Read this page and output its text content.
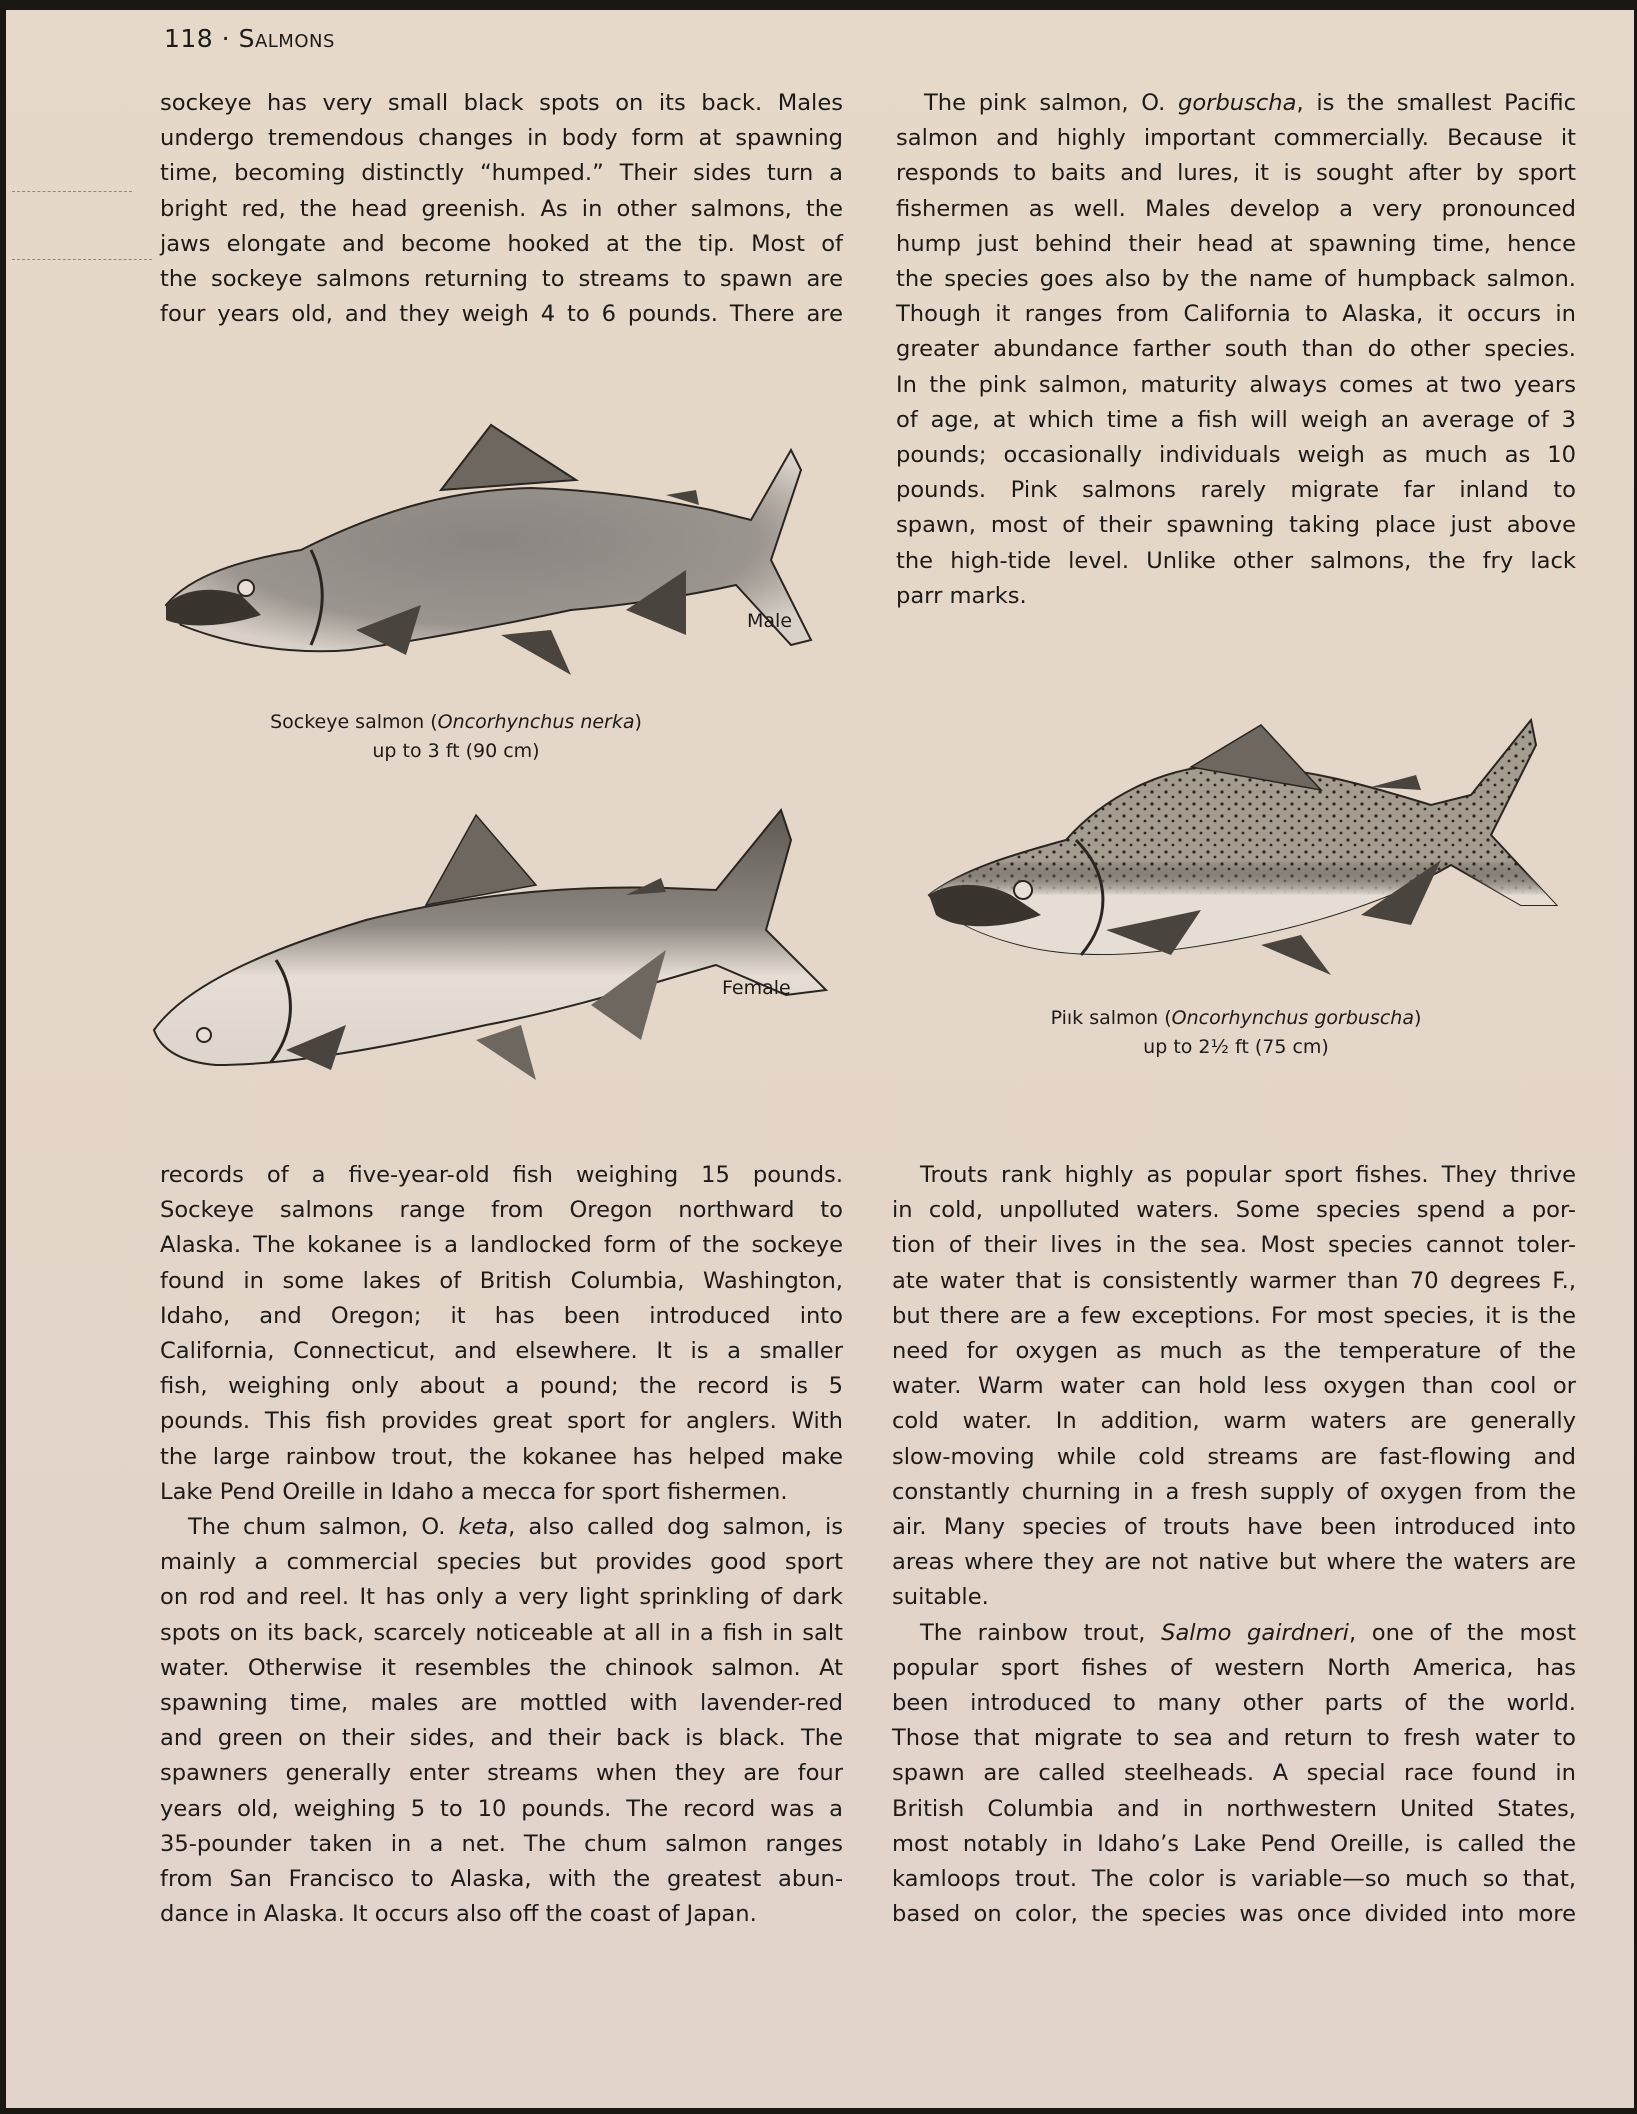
118 · Salmons
sockeye has very small black spots on its back. Males
undergo tremendous changes in body form at spawning
time, becoming distinctly “humped.” Their sides turn a
bright red, the head greenish. As in other salmons, the
jaws elongate and become hooked at the tip. Most of
the sockeye salmons returning to streams to spawn are
four years old, and they weigh 4 to 6 pounds. There are
The pink salmon, O. gorbuscha, is the smallest Pacific
salmon and highly important commercially. Because it
responds to baits and lures, it is sought after by sport
fishermen as well. Males develop a very pronounced
hump just behind their head at spawning time, hence
the species goes also by the name of humpback salmon.
Though it ranges from California to Alaska, it occurs in
greater abundance farther south than do other species.
In the pink salmon, maturity always comes at two years
of age, at which time a fish will weigh an average of 3
pounds; occasionally individuals weigh as much as 10
pounds. Pink salmons rarely migrate far inland to
spawn, most of their spawning taking place just above
the high-tide level. Unlike other salmons, the fry lack
parr marks.
Male
Sockeye salmon (Oncorhynchus nerka)
up to 3 ft (90 cm)
Female
Piık salmon (Oncorhynchus gorbuscha)
up to 2½ ft (75 cm)
records of a five-year-old fish weighing 15 pounds.
Sockeye salmons range from Oregon northward to
Alaska. The kokanee is a landlocked form of the sockeye
found in some lakes of British Columbia, Washington,
Idaho, and Oregon; it has been introduced into
California, Connecticut, and elsewhere. It is a smaller
fish, weighing only about a pound; the record is 5
pounds. This fish provides great sport for anglers. With
the large rainbow trout, the kokanee has helped make
Lake Pend Oreille in Idaho a mecca for sport fishermen.
The chum salmon, O. keta, also called dog salmon, is
mainly a commercial species but provides good sport
on rod and reel. It has only a very light sprinkling of dark
spots on its back, scarcely noticeable at all in a fish in salt
water. Otherwise it resembles the chinook salmon. At
spawning time, males are mottled with lavender-red
and green on their sides, and their back is black. The
spawners generally enter streams when they are four
years old, weighing 5 to 10 pounds. The record was a
35-pounder taken in a net. The chum salmon ranges
from San Francisco to Alaska, with the greatest abun-
dance in Alaska. It occurs also off the coast of Japan.
Trouts rank highly as popular sport fishes. They thrive
in cold, unpolluted waters. Some species spend a por-
tion of their lives in the sea. Most species cannot toler-
ate water that is consistently warmer than 70 degrees F.,
but there are a few exceptions. For most species, it is the
need for oxygen as much as the temperature of the
water. Warm water can hold less oxygen than cool or
cold water. In addition, warm waters are generally
slow-moving while cold streams are fast-flowing and
constantly churning in a fresh supply of oxygen from the
air. Many species of trouts have been introduced into
areas where they are not native but where the waters are
suitable.
The rainbow trout, Salmo gairdneri, one of the most
popular sport fishes of western North America, has
been introduced to many other parts of the world.
Those that migrate to sea and return to fresh water to
spawn are called steelheads. A special race found in
British Columbia and in northwestern United States,
most notably in Idaho’s Lake Pend Oreille, is called the
kamloops trout. The color is variable—so much so that,
based on color, the species was once divided into more
